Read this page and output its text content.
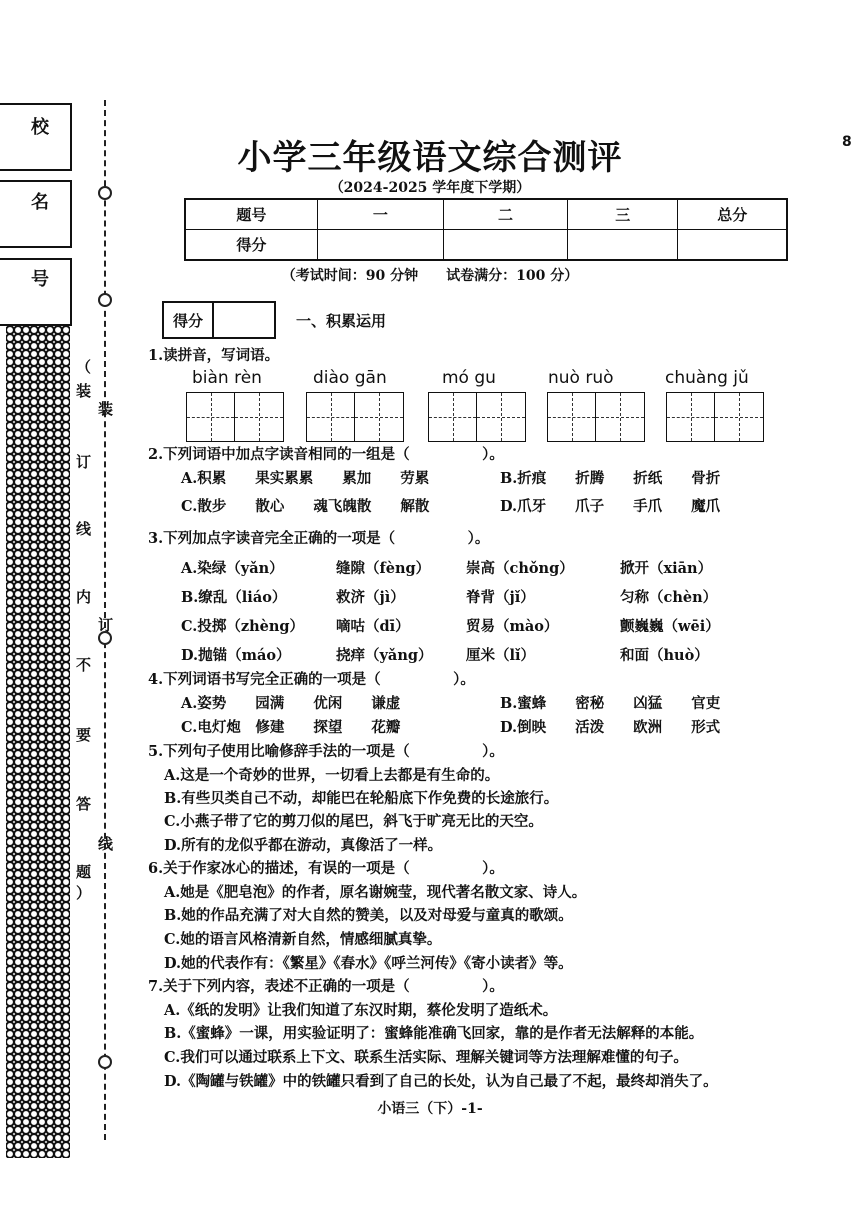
校
名
号
（
装
订
线
内
不
要
答
题
）
装
订
线
小学三年级语文综合测评	8
（2024-2025 学年度下学期）
题号	一	二	三	总分
得分				
（考试时间：90 分钟　　试卷满分：100 分）
得分	一、积累运用
1.读拼音，写词语。
biàn rèn	diào gān	mó gu	nuò ruò	chuàng jǔ
2.下列词语中加点字读音相同的一组是（　　　　　）。
A.积累　　果实累累　　累加　　劳累	B.折痕　　折腾　　折纸　　骨折
C.散步　　散心　　魂飞魄散　　解散	D.爪牙　　爪子　　手爪　　魔爪
3.下列加点字读音完全正确的一项是（　　　　　）。
A.染绿（yǎn）	缝隙（fèng） 崇高（chǒng）	掀开（xiān）
B.缭乱（liáo）	救济（jì）	脊背（jǐ）	匀称（chèn）
C.投掷（zhèng） 嘀咕（dī）	贸易（mào）	颤巍巍（wēi）
D.抛锚（máo）	挠痒（yǎng） 厘米（lǐ）	和面（huò）
4.下列词语书写完全正确的一项是（　　　　　）。
A.姿势　　园满　　优闲　　谦虚	B.蜜蜂　　密秘　　凶猛　　官吏
C.电灯炮　修建　　探望　　花瓣	D.倒映　　活泼　　欧洲　　形式
5.下列句子使用比喻修辞手法的一项是（　　　　　）。
A.这是一个奇妙的世界，一切看上去都是有生命的。
B.有些贝类自己不动，却能巴在轮船底下作免费的长途旅行。
C.小燕子带了它的剪刀似的尾巴，斜飞于旷亮无比的天空。
D.所有的龙似乎都在游动，真像活了一样。
6.关于作家冰心的描述，有误的一项是（　　　　　）。
A.她是《肥皂泡》的作者，原名谢婉莹，现代著名散文家、诗人。
B.她的作品充满了对大自然的赞美，以及对母爱与童真的歌颂。
C.她的语言风格清新自然，情感细腻真挚。
D.她的代表作有：《繁星》《春水》《呼兰河传》《寄小读者》等。
7.关于下列内容，表述不正确的一项是（　　　　　）。
A.《纸的发明》让我们知道了东汉时期，蔡伦发明了造纸术。
B.《蜜蜂》一课，用实验证明了：蜜蜂能准确飞回家，靠的是作者无法解释的本能。
C.我们可以通过联系上下文、联系生活实际、理解关键词等方法理解难懂的句子。
D.《陶罐与铁罐》中的铁罐只看到了自己的长处，认为自己最了不起，最终却消失了。
小语三（下）-1-
